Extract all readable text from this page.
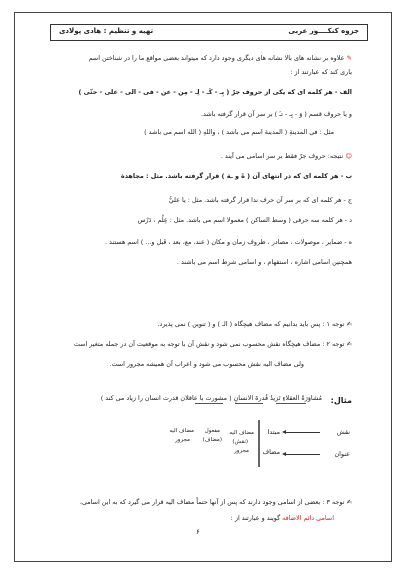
جزوه کنکــــور عربی
تهیه و تنظیم : هادی پولادی
✎ علاوه بر نشانه های بالا نشانه های دیگری وجود دارد که میتواند بعضی مواقع ما را در شناختن اسم
یاری کند که عبارتند از :
الف - هر کلمه ای که یکی از حروف جرّ ( بِـ - کَـ - لِـ - مِن - عن - فی - الی - علی - حتّی )
و یا حروف قسم ( وَ - بِـ - تـَ ) بر سر آن قرار گرفته باشد.
مثل : فی المدینةِ ( المدینة اسم می باشد ) ، واللهِ ( الله اسم می باشد )
☺ نتیجه: حروف جرّ فقط بر سر اسامی می آیند .
ب - هر کلمه ای که در انتهای آن ( ةَ و ـة ) قرار گرفته باشد. مثل : مجاهدة
ج - هر کلمه ای که بر سر آن حرف ندا قرار گرفته باشد. مثل : یا عليُّ
د - هر کلمه سه حرفی ( وسط الساکن ) معمولا اسم می باشد. مثل : عِلْم ، دَرْس
ه - ضمایر ، موصولات ، مصادر ، ظروف زمان و مکان ( عند، مع، بعد ، قَبل و... ) اسم هستند .
همچنین اسامی اشاره ، استفهام ، و اسامی شرط اسم می باشند .
✍ توجه ۱ : پس باید بدانیم که مضاف هیچگاه ( الـ ) و ( تنوین ) نمی پذیرد.
✍ توجه ۲ : مضاف هیچگاه نقش محسوب نمی شود و نقش آن با توجه به موقعیت آن در جمله متغیر است
ولی مضاف الیه نقش محسوب می شود و اعراب آن همیشه مجرور است.
مثال:
مُشاوَرَةُ العقلاءِ تَزیدُ قُدرةَ الانسانِ ( مشورت با عاقلان قدرت انسان را زیاد می کند )
نقش
مبتدا
عنوان
مضاف
مضاف الیه
(نقش)
مجرور
مفعول
(مضاف)
مضاف الیه
مجرور
✍ توجه ۳ : بعضی از اسامی وجود دارند که پس از آنها حتماً مضاف الیه قرار می گیرد که به این اسامی،
اسامی دائم الاضافه گویند و عبارتند از :
۶
